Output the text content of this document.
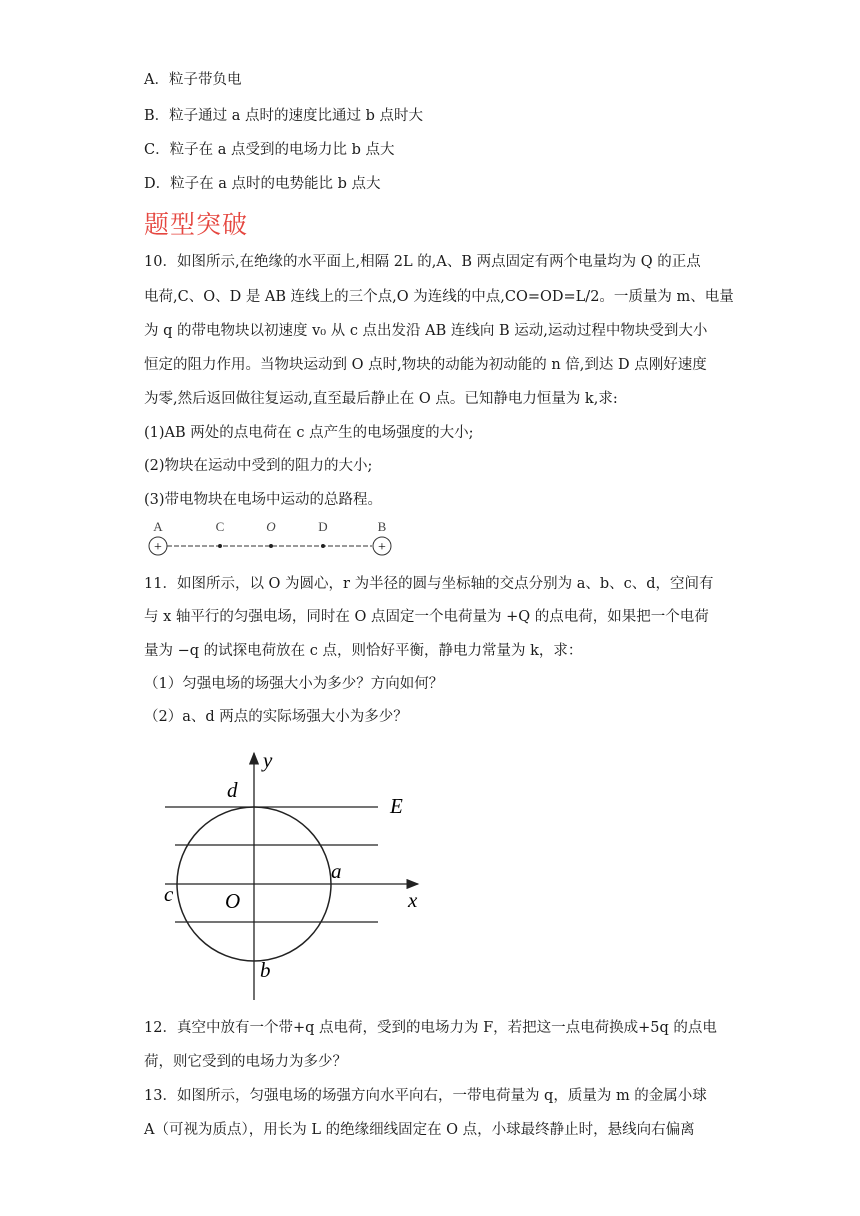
A．粒子带负电
B．粒子通过 a 点时的速度比通过 b 点时大
C．粒子在 a 点受到的电场力比 b 点大
D．粒子在 a 点时的电势能比 b 点大
题型突破
10．如图所示,在绝缘的水平面上,相隔 2L 的,A、B 两点固定有两个电量均为 Q 的正点
电荷,C、O、D 是 AB 连线上的三个点,O 为连线的中点,CO=OD=L/2。一质量为 m、电量
为 q 的带电物块以初速度 v₀ 从 c 点出发沿 AB 连线向 B 运动,运动过程中物块受到大小
恒定的阻力作用。当物块运动到 O 点时,物块的动能为初动能的 n 倍,到达 D 点刚好速度
为零,然后返回做往复运动,直至最后静止在 O 点。已知静电力恒量为 k,求:
(1)AB 两处的点电荷在 c 点产生的电场强度的大小;
(2)物块在运动中受到的阻力的大小;
(3)带电物块在电场中运动的总路程。
+	+
A	C	O	D	B
11．如图所示，以 O 为圆心，r 为半径的圆与坐标轴的交点分别为 a、b、c、d，空间有
与 x 轴平行的匀强电场，同时在 O 点固定一个电荷量为 +Q 的点电荷，如果把一个电荷
量为 −q 的试探电荷放在 c 点，则恰好平衡，静电力常量为 k，求：
（1）匀强电场的场强大小为多少？方向如何？
（2）a、d 两点的实际场强大小为多少？
y
d
E
a
c O	x
b
12．真空中放有一个带+q 点电荷，受到的电场力为 F，若把这一点电荷换成+5q 的点电
荷，则它受到的电场力为多少？
13．如图所示，匀强电场的场强方向水平向右，一带电荷量为 q，质量为 m 的金属小球
A（可视为质点），用长为 L 的绝缘细线固定在 O 点，小球最终静止时，悬线向右偏离
